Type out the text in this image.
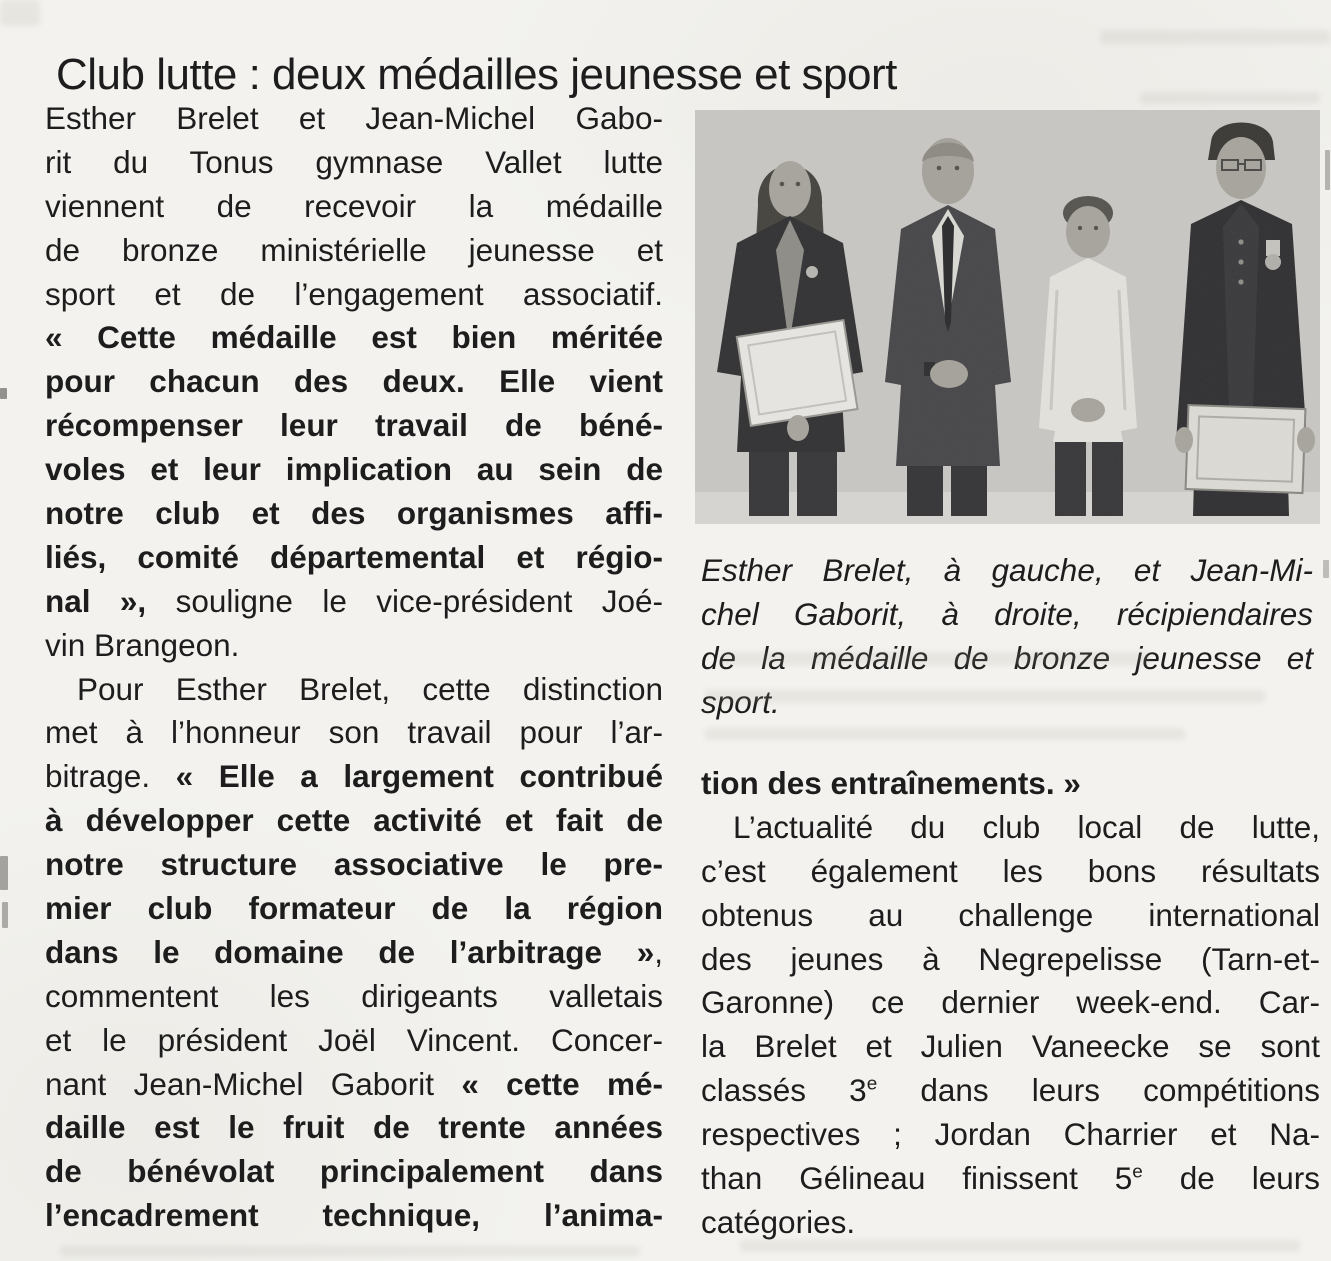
Club lutte : deux médailles jeunesse et sport
Esther Brelet et Jean-Michel Gabo-
rit du Tonus gymnase Vallet lutte
viennent de recevoir la médaille
de bronze ministérielle jeunesse et
sport et de l’engagement associatif.
« Cette médaille est bien méritée
pour chacun des deux. Elle vient
récompenser leur travail de béné-
voles et leur implication au sein de
notre club et des organismes affi-
liés, comité départemental et régio-
nal », souligne le vice-président Joé-
vin Brangeon.
Pour Esther Brelet, cette distinction
met à l’honneur son travail pour l’ar-
bitrage. « Elle a largement contribué
à développer cette activité et fait de
notre structure associative le pre-
mier club formateur de la région
dans le domaine de l’arbitrage »,
commentent les dirigeants valletais
et le président Joël Vincent. Concer-
nant Jean-Michel Gaborit « cette mé-
daille est le fruit de trente années
de bénévolat principalement dans
l’encadrement technique, l’anima-
Esther Brelet, à gauche, et Jean-Mi-
chel Gaborit, à droite, récipiendaires
de la médaille de bronze jeunesse et
sport.
tion des entraînements. »
L’actualité du club local de lutte,
c’est également les bons résultats
obtenus au challenge international
des jeunes à Negrepelisse (Tarn-et-
Garonne) ce dernier week-end. Car-
la Brelet et Julien Vaneecke se sont
classés 3e dans leurs compétitions
respectives ; Jordan Charrier et Na-
than Gélineau finissent 5e de leurs
catégories.
